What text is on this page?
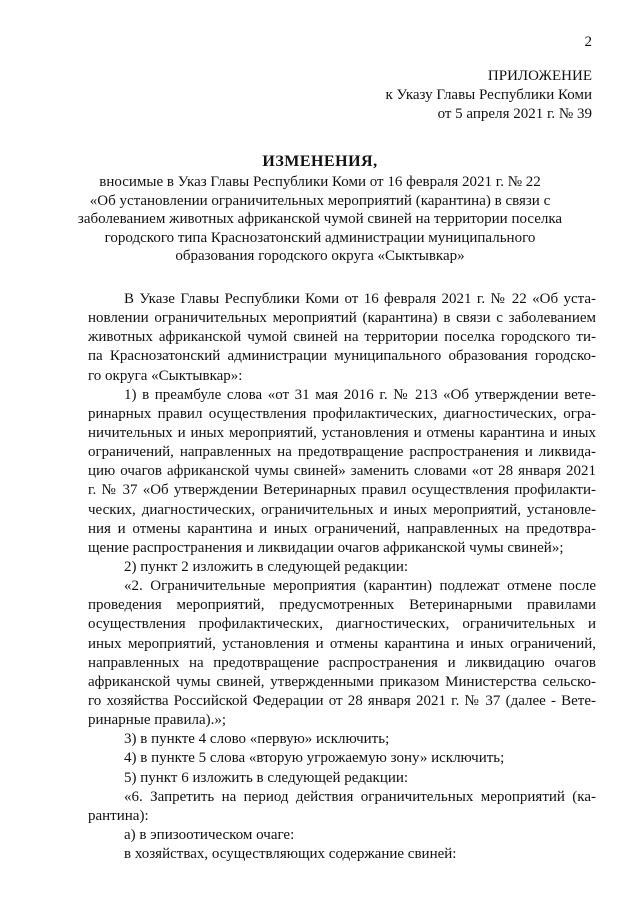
2
ПРИЛОЖЕНИЕ
к Указу Главы Республики Коми
от 5 апреля 2021 г. № 39
ИЗМЕНЕНИЯ,
вносимые в Указ Главы Республики Коми от 16 февраля 2021 г. № 22
«Об установлении ограничительных мероприятий (карантина) в связи с
заболеванием животных африканской чумой свиней на территории поселка
городского типа Краснозатонский администрации муниципального
образования городского округа «Сыктывкар»
В Указе Главы Республики Коми от 16 февраля 2021 г. № 22 «Об уста-
новлении ограничительных мероприятий (карантина) в связи с заболеванием
животных африканской чумой свиней на территории поселка городского ти-
па Краснозатонский администрации муниципального образования городско-
го округа «Сыктывкар»:
1) в преамбуле слова «от 31 мая 2016 г. № 213 «Об утверждении вете-
ринарных правил осуществления профилактических, диагностических, огра-
ничительных и иных мероприятий, установления и отмены карантина и иных
ограничений, направленных на предотвращение распространения и ликвида-
цию очагов африканской чумы свиней» заменить словами «от 28 января 2021
г. № 37 «Об утверждении Ветеринарных правил осуществления профилакти-
ческих, диагностических, ограничительных и иных мероприятий, установле-
ния и отмены карантина и иных ограничений, направленных на предотвра-
щение распространения и ликвидации очагов африканской чумы свиней»;
2) пункт 2 изложить в следующей редакции:
«2. Ограничительные мероприятия (карантин) подлежат отмене после
проведения мероприятий, предусмотренных Ветеринарными правилами
осуществления профилактических, диагностических, ограничительных и
иных мероприятий, установления и отмены карантина и иных ограничений,
направленных на предотвращение распространения и ликвидацию очагов
африканской чумы свиней, утвержденными приказом Министерства сельско-
го хозяйства Российской Федерации от 28 января 2021 г. № 37 (далее - Вете-
ринарные правила).»;
3) в пункте 4 слово «первую» исключить;
4) в пункте 5 слова «вторую угрожаемую зону» исключить;
5) пункт 6 изложить в следующей редакции:
«6. Запретить на период действия ограничительных мероприятий (ка-
рантина):
а) в эпизоотическом очаге:
в хозяйствах, осуществляющих содержание свиней:
